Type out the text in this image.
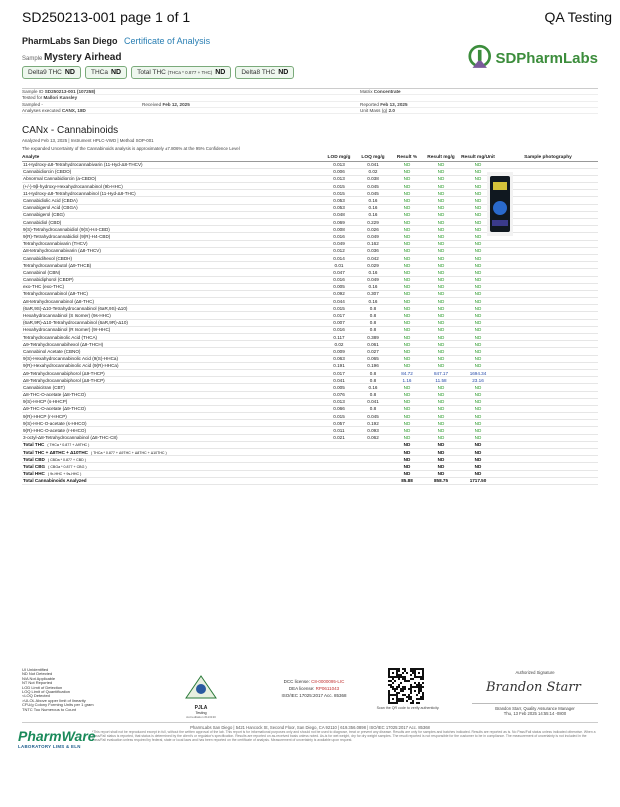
SD250213-001 page 1 of 1	QA Testing
PharmLabs San Diego Certificate of Analysis
Sample Mystery Airhead
Delta9 THC ND	THCa ND	Total THC (THCa * 0.877 + THC) ND	Delta8 THC ND
SDPharmLabs
Sample ID SD250213-001 (107258)	Matrix Concentrate
Tested for Mallori Kansley
Sampled -	Received Feb 12, 2025	Reported Feb 13, 2025
Analyses executed CANX, 18D	Unit Mass (g) 2.0
CANx - Cannabinoids
Analyzed Feb 13, 2025 | Instrument HPLC-VWD | Method SOP-001
The expanded Uncertainty of the Cannabinoids analysis is approximately ±7.806% at the 95% Confidence Level
Analyte	LOD mg/g	LOQ mg/g	Result %	Result mg/g	Result mg/Unit	Sample photography
11-Hydroxy-Δ8-Tetrahydrocannabivarin (11-Hyd-Δ8-THCV)	0.013	0.041	ND	ND	ND	
Cannabidiorcin (CBDO)	0.006	0.02	ND	ND	ND	
Abnormal Cannabidiorcin (a-CBDO)	0.013	0.038	ND	ND	ND	
(+/-)-9β-hydroxy-Hexahydrocannabinol (9b-HHC)	0.015	0.045	ND	ND	ND	
11-Hydroxy-Δ8-Tetrahydrocannabinol (11-Hyd-Δ8-THC)	0.015	0.045	ND	ND	ND	
Cannabidiolic Acid (CBDA)	0.053	0.16	ND	ND	ND	
Cannabigerol Acid (CBGA)	0.053	0.16	ND	ND	ND	
Cannabigerol (CBG)	0.048	0.16	ND	ND	ND	
Cannabidiol (CBD)	0.069	0.229	ND	ND	ND	
9(S)-Tetrahydrocannabidiol (9(S)-H4-CBD)	0.008	0.026	ND	ND	ND	
9(R)-Tetrahydrocannabidiol (9(R)-H4-CBD)	0.016	0.049	ND	ND	ND	
Tetrahydrocannabivarin (THCV)	0.049	0.162	ND	ND	ND	
Δ8-tetrahydrocannabivarin (Δ8-THCV)	0.012	0.036	ND	ND	ND	
Cannabidihexol (CBDH)	0.014	0.042	ND	ND	ND	
Tetrahydrocannabutol (Δ9-THCB)	0.01	0.029	ND	ND	ND	
Cannabinol (CBN)	0.047	0.16	ND	ND	ND	
Cannabidiphorol (CBDP)	0.016	0.049	ND	ND	ND	
exo-THC (exo-THC)	0.005	0.16	ND	ND	ND	
Tetrahydrocannabinol (Δ9-THC)	0.092	0.307	ND	ND	ND	
Δ8-tetrahydrocannabinol (Δ8-THC)	0.044	0.16	ND	ND	ND	
(6aR,9S)-Δ10-Tetrahydrocannabinol (6aR,9S)-Δ10)	0.015	0.8	ND	ND	ND	
Hexahydrocannabinol (S Isomer) (9s-HHC)	0.017	0.8	ND	ND	ND	
(6aR,9R)-Δ10-Tetrahydrocannabinol (6aR,9R)-Δ10)	0.007	0.8	ND	ND	ND	
Hexahydrocannabinol (R Isomer) (9r-HHC)	0.016	0.8	ND	ND	ND	
Tetrahydrocannabinolic Acid (THCA)	0.117	0.389	ND	ND	ND	
Δ9-Tetrahydrocannabihexol (Δ9-THCH)	0.02	0.061	ND	ND	ND	
Cannabinol Acetate (CBNO)	0.009	0.027	ND	ND	ND	
9(S)-Hexahydrocannabinolic Acid (9(S)-HHCa)	0.063	0.065	ND	ND	ND	
9(R)-Hexahydrocannabinolic Acid (9(R)-HHCa)	0.191	0.196	ND	ND	ND	
Δ9-Tetrahydrocannabiphorol (Δ9-THCP)	0.017	0.8	84.72	847.17	1694.34	
Δ8-Tetrahydrocannabiphorol (Δ8-THCP)	0.041	0.8	1.16	11.58	23.16	
Cannabicitran (CBT)	0.005	0.16	ND	ND	ND	
Δ8-THC-O-acetate (Δ8-THCO)	0.076	0.8	ND	ND	ND	
9(S)-HHCP (s-HHCP)	0.013	0.041	ND	ND	ND	
Δ9-THC-O-acetate (Δ9-THCO)	0.066	0.8	ND	ND	ND	
9(R)-HHCP (r-HHCP)	0.015	0.045	ND	ND	ND	
9(S)-HHC-O-acetate (s-HHCO)	0.057	0.192	ND	ND	ND	
9(R)-HHC-O-acetate (r-HHCO)	0.011	0.093	ND	ND	ND	
3-octyl-Δ8-Tetrahydrocannabinol (Δ8-THC-C8)	0.021	0.062	ND	ND	ND	
Total THC ( THCa * 0.877 + Δ9THC )			ND	ND	ND	
Total THC + Δ8THC + Δ10THC ( THCa * 0.877 + Δ9THC + Δ8THC + Δ10THC )			ND	ND	ND	
Total CBD ( CBDa * 0.877 + CBD )			ND	ND	ND	
Total CBG ( CBGa * 0.877 + CBG )			ND	ND	ND	
Total HHC ( 9r-HHC + 9s-HHC )			ND	ND	ND	
Total Cannabinoids Analyzed			85.88	858.75	1717.50	
UI Unidentified
ND Not Detected
N/A Not Applicable
NT Not Reported
LOD Limit of Detection
LOQ Limit of Quantification
<LOQ Detected
>ULOL Above upper limit of linearity
CFU/g Colony Forming Units per 1 gram
TNTC Too Numerous to Count	PJLA
Testing
Accreditation #113130
DCC license: C8-0000095-LIC
DEA license: RP0611043
ISO/IEC 17025:2017 Acc. 85368
Scan the QR code to verify authenticity.
Authorized Signature
Brandon Starr
Brandon Starr, Quality Assurance Manager
Thu, 13 Feb 2025 14:55:14 -0800
PharmLabs San Diego | 5421 Hancock St, Second Floor, San Diego, CA 92110 | 619.356.0898 | ISO/IEC 17025:2017 Acc. 85368
*This report shall not be reproduced except in full, without the written approval of the lab. This report is for informational purposes only and should not be used to diagnose, treat or prevent any disease. Results are only for samples and batches indicated. Results are reported as is. No Pass/Fail status unless indicated otherwise. When a Pass/Fail status is reported, that status is determined by the client's or regulator's specification. Results are reported on as-received basis unless noted. As-is for wet weight, dry for dry weight samples. The result reported is not responsible for the customer to be in compliance. The measurement of uncertainty is not included in the Pass/Fail evaluation unless required by federal, state or local laws and has been reported on the certificate of analysis. Measurement of uncertainty is available upon request.
PharmWare
LABORATORY LIMS & ELN
